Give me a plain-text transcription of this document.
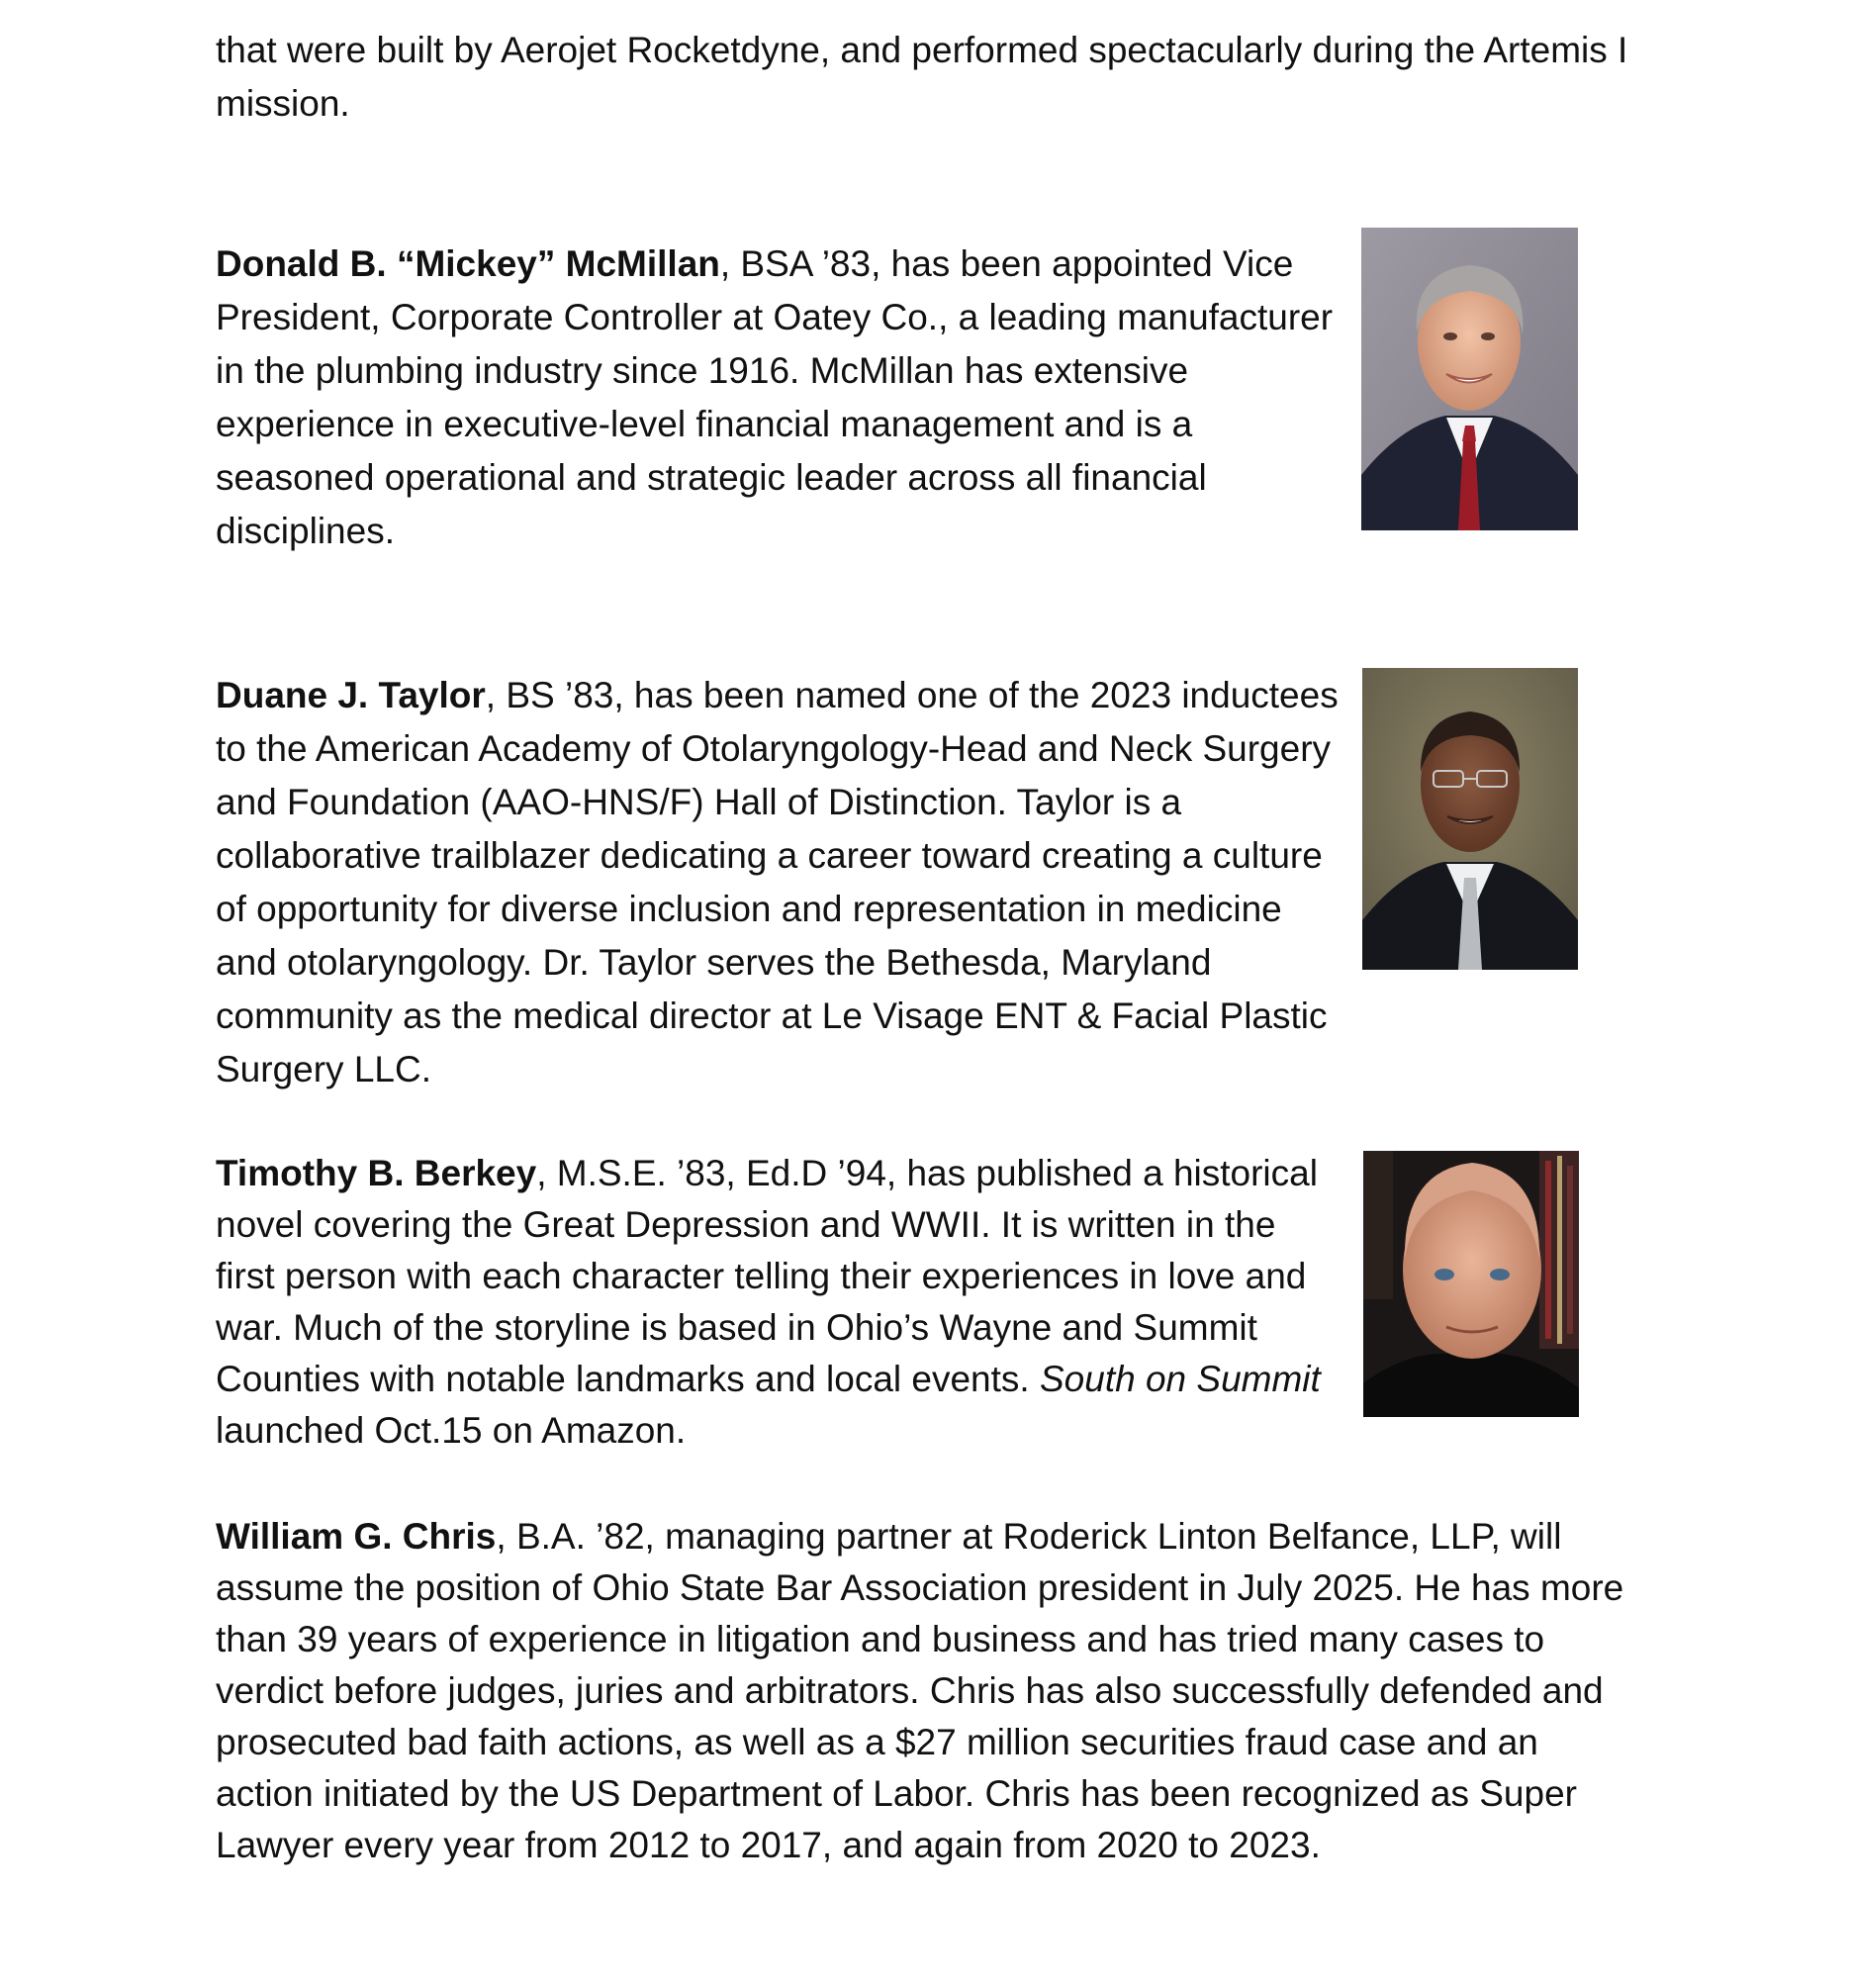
that were built by Aerojet Rocketdyne, and performed spectacularly during the Artemis I mission.

Donald B. “Mickey” McMillan, BSA ’83, has been appointed Vice President, Corporate Controller at Oatey Co., a leading manufacturer in the plumbing industry since 1916. McMillan has extensive experience in executive-level financial management and is a seasoned operational and strategic leader across all financial disciplines.

Duane J. Taylor, BS ’83, has been named one of the 2023 inductees to the American Academy of Otolaryngology-Head and Neck Surgery and Foundation (AAO-HNS/F) Hall of Distinction. Taylor is a collaborative trailblazer dedicating a career toward creating a culture of opportunity for diverse inclusion and representation in medicine and otolaryngology. Dr. Taylor serves the Bethesda, Maryland community as the medical director at Le Visage ENT & Facial Plastic Surgery LLC.

Timothy B. Berkey, M.S.E. ’83, Ed.D ’94, has published a historical novel covering the Great Depression and WWII. It is written in the first person with each character telling their experiences in love and war. Much of the storyline is based in Ohio’s Wayne and Summit Counties with notable landmarks and local events. South on Summit launched Oct.15 on Amazon.

William G. Chris, B.A. ’82, managing partner at Roderick Linton Belfance, LLP, will assume the position of Ohio State Bar Association president in July 2025. He has more than 39 years of experience in litigation and business and has tried many cases to verdict before judges, juries and arbitrators. Chris has also successfully defended and prosecuted bad faith actions, as well as a $27 million securities fraud case and an action initiated by the US Department of Labor. Chris has been recognized as Super Lawyer every year from 2012 to 2017, and again from 2020 to 2023.
